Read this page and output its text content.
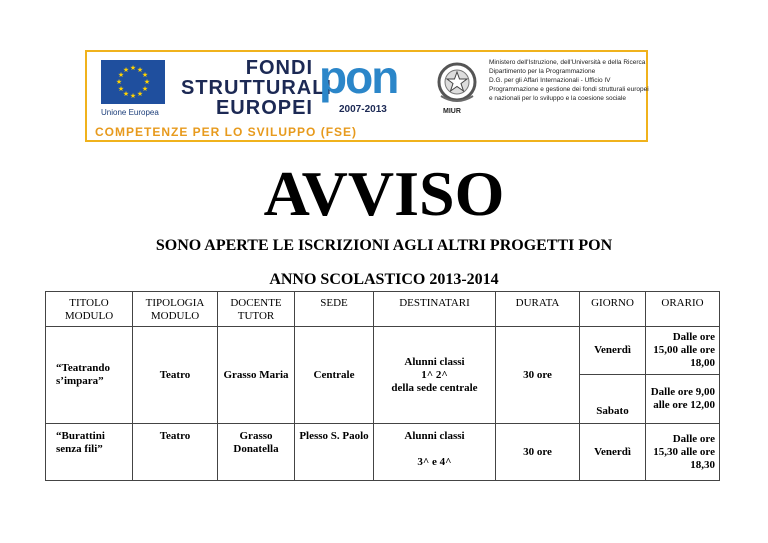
★ ★
★
★
★
★
★
★
★
★
★
★
Unione Europea
FONDI
STRUTTURALI
EUROPEI
pon
2007-2013	MIUR
Ministero dell'Istruzione, dell'Università e della Ricerca
Dipartimento per la Programmazione
D.G. per gli Affari Internazionali - Ufficio IV
Programmazione e gestione dei fondi strutturali europei
e nazionali per lo sviluppo e la coesione sociale
COMPETENZE PER LO SVILUPPO (FSE)
AVVISO
SONO APERTE LE ISCRIZIONI AGLI ALTRI PROGETTI PON
ANNO SCOLASTICO 2013-2014
TITOLO MODULO	TIPOLOGIA MODULO	DOCENTE TUTOR	SEDE	DESTINATARI	DURATA	GIORNO	ORARIO
“Teatrando s’impara”	Teatro	Grasso Maria	Centrale	Alunni classi
1^ 2^
della sede centrale	30 ore	Venerdì	Dalle ore 15,00 alle ore 18,00
						Sabato	Dalle ore 9,00 alle ore 12,00
“Burattini senza fili”	Teatro	Grasso Donatella	Plesso S. Paolo	Alunni classi
3^ e 4^	30 ore	Venerdì	Dalle ore 15,30 alle ore 18,30
